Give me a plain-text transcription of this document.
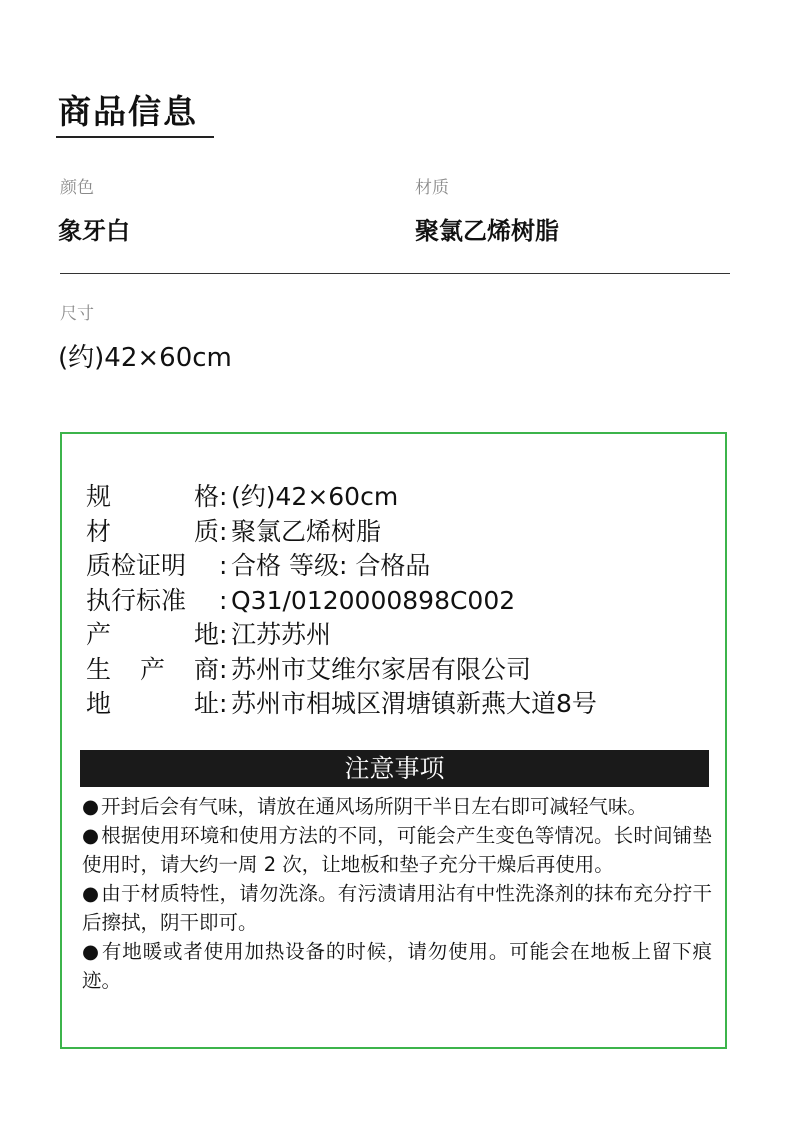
商品信息
颜色
象牙白
材质
聚氯乙烯树脂
尺寸
(约)42×60cm
规	格 : (约)42×60cm
材	质 : 聚氯乙烯树脂
质检证明	: 合格 等级: 合格品
执行标准	: Q31/0120000898C002
产	地 : 江苏苏州
生 产 商 : 苏州市艾维尔家居有限公司
地	址 : 苏州市相城区渭塘镇新燕大道8号
注意事项
● 开封后会有气味，请放在通风场所阴干半日左右即可减轻气味。
● 根据使用环境和使用方法的不同，可能会产生变色等情况。长时间铺垫使用时，请大约一周 2 次，让地板和垫子充分干燥后再使用。
● 由于材质特性，请勿洗涤。有污渍请用沾有中性洗涤剂的抹布充分拧干后擦拭，阴干即可。
● 有地暖或者使用加热设备的时候，请勿使用。可能会在地板上留下痕迹。
